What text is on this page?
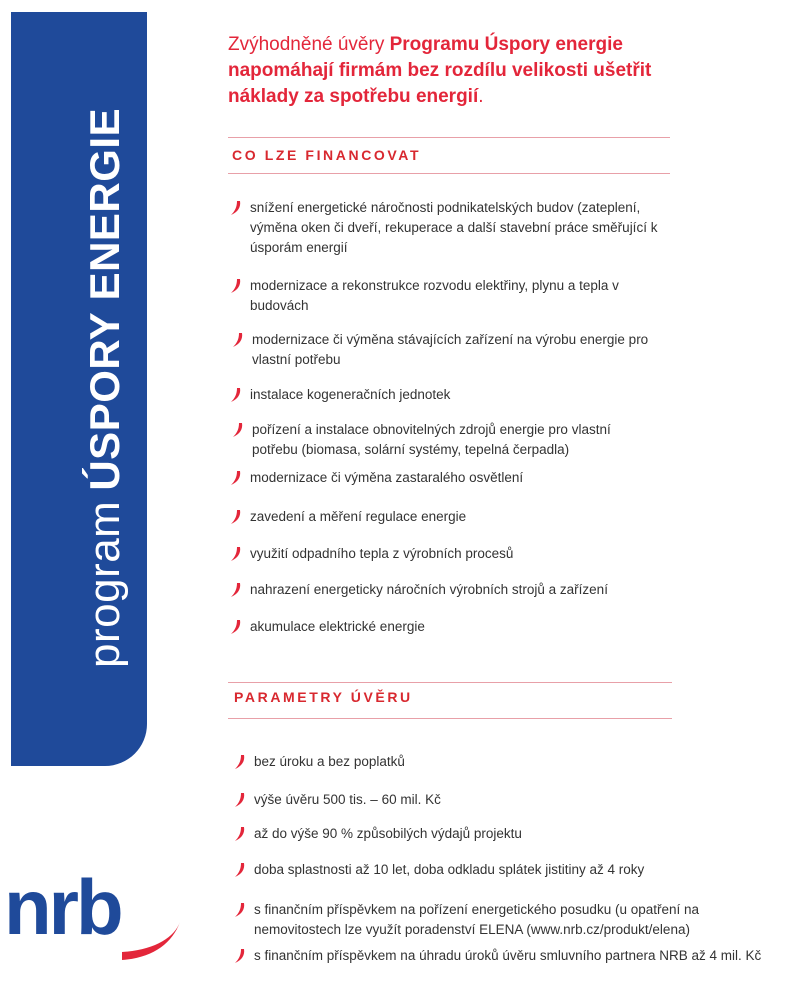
programÚSPORY ENERGIE
Zvýhodněné úvěry Programu Úspory energie napomáhají firmám bez rozdílu velikosti ušetřit náklady za spotřebu energií.
CO LZE FINANCOVAT
snížení energetické náročnosti podnikatelských budov (zateplení, výměna oken či dveří, rekuperace a další stavební práce směřující k úsporám energií
modernizace a rekonstrukce rozvodu elektřiny, plynu a tepla v budovách
modernizace či výměna stávajících zařízení na výrobu energie pro vlastní potřebu
instalace kogeneračních jednotek
pořízení a instalace obnovitelných zdrojů energie pro vlastní potřebu (biomasa, solární systémy, tepelná čerpadla)
modernizace či výměna zastaralého osvětlení
zavedení a měření regulace energie
využití odpadního tepla z výrobních procesů
nahrazení energeticky náročních výrobních strojů a zařízení
akumulace elektrické energie
PARAMETRY ÚVĚRU
bez úroku a bez poplatků
výše úvěru 500 tis. – 60 mil. Kč
až do výše 90 % způsobilých výdajů projektu
doba splastnosti až 10 let, doba odkladu splátek jistitiny až 4 roky
s finančním příspěvkem na pořízení energetického posudku (u opatření na nemovitostech lze využít poradenství ELENA (www.nrb.cz/produkt/elena)
s finančním příspěvkem na úhradu úroků úvěru smluvního partnera NRB až 4 mil. Kč
nrb
